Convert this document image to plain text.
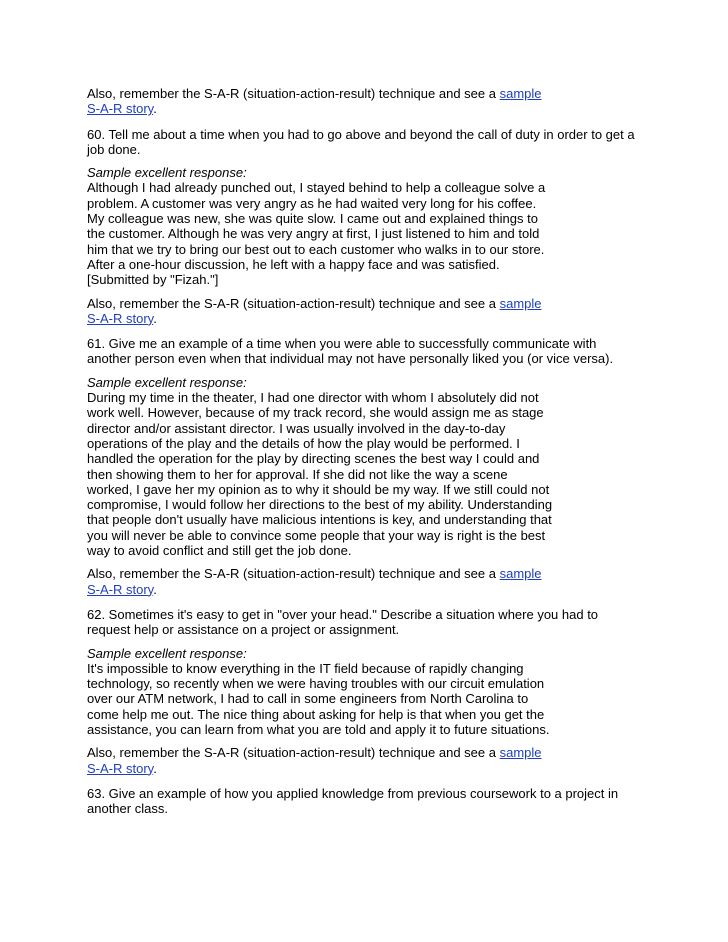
Also, remember the S-A-R (situation-action-result) technique and see a sample
S-A-R story.
60. Tell me about a time when you had to go above and beyond the call of duty in order to get a
job done.
Sample excellent response:
Although I had already punched out, I stayed behind to help a colleague solve a
problem. A customer was very angry as he had waited very long for his coffee.
My colleague was new, she was quite slow. I came out and explained things to
the customer. Although he was very angry at first, I just listened to him and told
him that we try to bring our best out to each customer who walks in to our store.
After a one-hour discussion, he left with a happy face and was satisfied.
[Submitted by "Fizah."]
Also, remember the S-A-R (situation-action-result) technique and see a sample
S-A-R story.
61. Give me an example of a time when you were able to successfully communicate with
another person even when that individual may not have personally liked you (or vice versa).
Sample excellent response:
During my time in the theater, I had one director with whom I absolutely did not
work well. However, because of my track record, she would assign me as stage
director and/or assistant director. I was usually involved in the day-to-day
operations of the play and the details of how the play would be performed. I
handled the operation for the play by directing scenes the best way I could and
then showing them to her for approval. If she did not like the way a scene
worked, I gave her my opinion as to why it should be my way. If we still could not
compromise, I would follow her directions to the best of my ability. Understanding
that people don't usually have malicious intentions is key, and understanding that
you will never be able to convince some people that your way is right is the best
way to avoid conflict and still get the job done.
Also, remember the S-A-R (situation-action-result) technique and see a sample
S-A-R story.
62. Sometimes it's easy to get in "over your head." Describe a situation where you had to
request help or assistance on a project or assignment.
Sample excellent response:
It's impossible to know everything in the IT field because of rapidly changing
technology, so recently when we were having troubles with our circuit emulation
over our ATM network, I had to call in some engineers from North Carolina to
come help me out. The nice thing about asking for help is that when you get the
assistance, you can learn from what you are told and apply it to future situations.
Also, remember the S-A-R (situation-action-result) technique and see a sample
S-A-R story.
63. Give an example of how you applied knowledge from previous coursework to a project in
another class.
